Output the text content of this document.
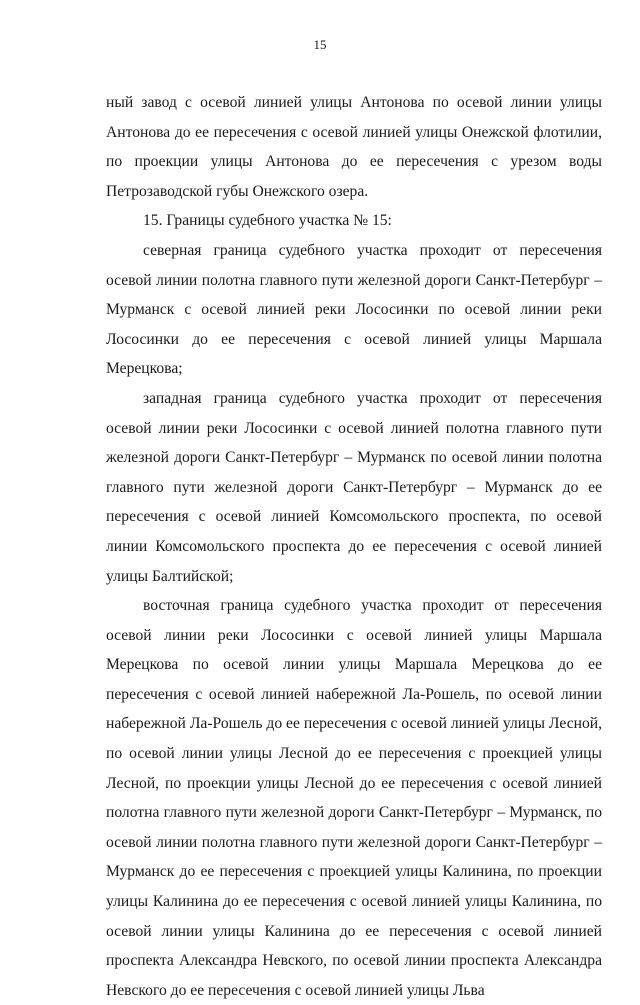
15

ный завод с осевой линией улицы Антонова по осевой линии улицы Антонова до ее пересечения с осевой линией улицы Онежской флотилии, по проекции улицы Антонова до ее пересечения с урезом воды Петрозаводской губы Онежского озера.

15. Границы судебного участка № 15:

северная граница судебного участка проходит от пересечения осевой линии полотна главного пути железной дороги Санкт-Петербург – Мурманск с осевой линией реки Лососинки по осевой линии реки Лососинки до ее пересечения с осевой линией улицы Маршала Мерецкова;

западная граница судебного участка проходит от пересечения осевой линии реки Лососинки с осевой линией полотна главного пути железной дороги Санкт-Петербург – Мурманск по осевой линии полотна главного пути железной дороги Санкт-Петербург – Мурманск до ее пересечения с осевой линией Комсомольского проспекта, по осевой линии Комсомольского проспекта до ее пересечения с осевой линией улицы Балтийской;

восточная граница судебного участка проходит от пересечения осевой линии реки Лососинки с осевой линией улицы Маршала Мерецкова по осевой линии улицы Маршала Мерецкова до ее пересечения с осевой линией набережной Ла-Рошель, по осевой линии набережной Ла-Рошель до ее пересечения с осевой линией улицы Лесной, по осевой линии улицы Лесной до ее пересечения с проекцией улицы Лесной, по проекции улицы Лесной до ее пересечения с осевой линией полотна главного пути железной дороги Санкт-Петербург – Мурманск, по осевой линии полотна главного пути железной дороги Санкт-Петербург – Мурманск до ее пересечения с проекцией улицы Калинина, по проекции улицы Калинина до ее пересечения с осевой линией улицы Калинина, по осевой линии улицы Калинина до ее пересечения с осевой линией проспекта Александра Невского, по осевой линии проспекта Александра Невского до ее пересечения с осевой линией улицы Льва
